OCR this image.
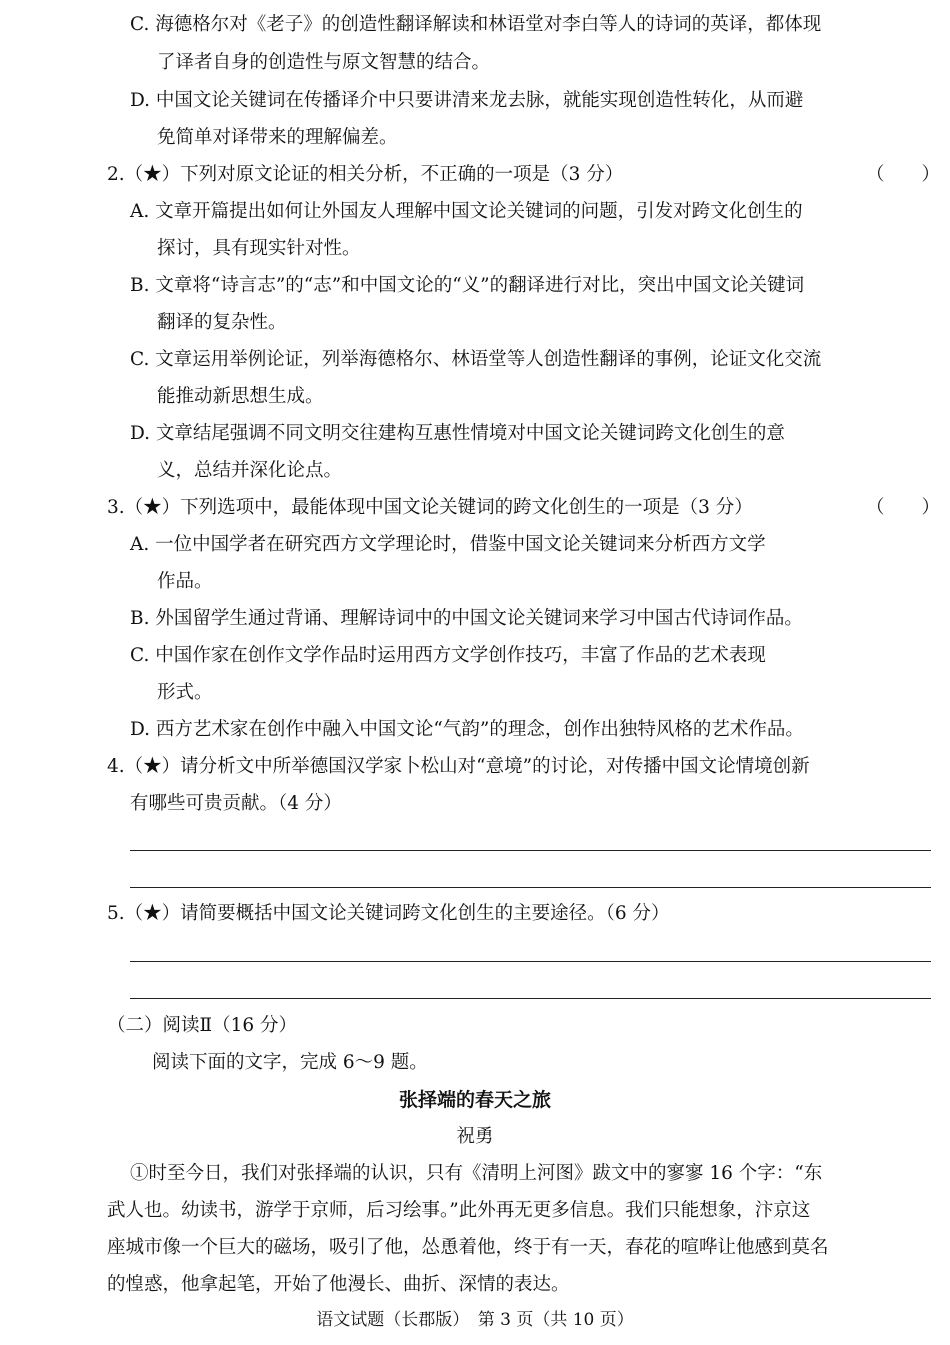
C. 海德格尔对《老子》的创造性翻译解读和林语堂对李白等人的诗词的英译，都体现
了译者自身的创造性与原文智慧的结合。
D. 中国文论关键词在传播译介中只要讲清来龙去脉，就能实现创造性转化，从而避
免简单对译带来的理解偏差。
2.（★）下列对原文论证的相关分析，不正确的一项是（3 分）	（　　）
A. 文章开篇提出如何让外国友人理解中国文论关键词的问题，引发对跨文化创生的
探讨，具有现实针对性。
B. 文章将“诗言志”的“志”和中国文论的“义”的翻译进行对比，突出中国文论关键词
翻译的复杂性。
C. 文章运用举例论证，列举海德格尔、林语堂等人创造性翻译的事例，论证文化交流
能推动新思想生成。
D. 文章结尾强调不同文明交往建构互惠性情境对中国文论关键词跨文化创生的意
义，总结并深化论点。
3.（★）下列选项中，最能体现中国文论关键词的跨文化创生的一项是（3 分）	（　　）
A. 一位中国学者在研究西方文学理论时，借鉴中国文论关键词来分析西方文学
作品。
B. 外国留学生通过背诵、理解诗词中的中国文论关键词来学习中国古代诗词作品。
C. 中国作家在创作文学作品时运用西方文学创作技巧，丰富了作品的艺术表现
形式。
D. 西方艺术家在创作中融入中国文论“气韵”的理念，创作出独特风格的艺术作品。
4.（★）请分析文中所举德国汉学家卜松山对“意境”的讨论，对传播中国文论情境创新
有哪些可贵贡献。（4 分）
5.（★）请简要概括中国文论关键词跨文化创生的主要途径。（6 分）
（二）阅读Ⅱ（16 分）
阅读下面的文字，完成 6～9 题。
张择端的春天之旅
祝勇
①时至今日，我们对张择端的认识，只有《清明上河图》跋文中的寥寥 16 个字：“东
武人也。幼读书，游学于京师，后习绘事。”此外再无更多信息。我们只能想象，汴京这
座城市像一个巨大的磁场，吸引了他，怂恿着他，终于有一天，春花的喧哗让他感到莫名
的惶惑，他拿起笔，开始了他漫长、曲折、深情的表达。
语文试题（长郡版）　第 3 页（共 10 页）
